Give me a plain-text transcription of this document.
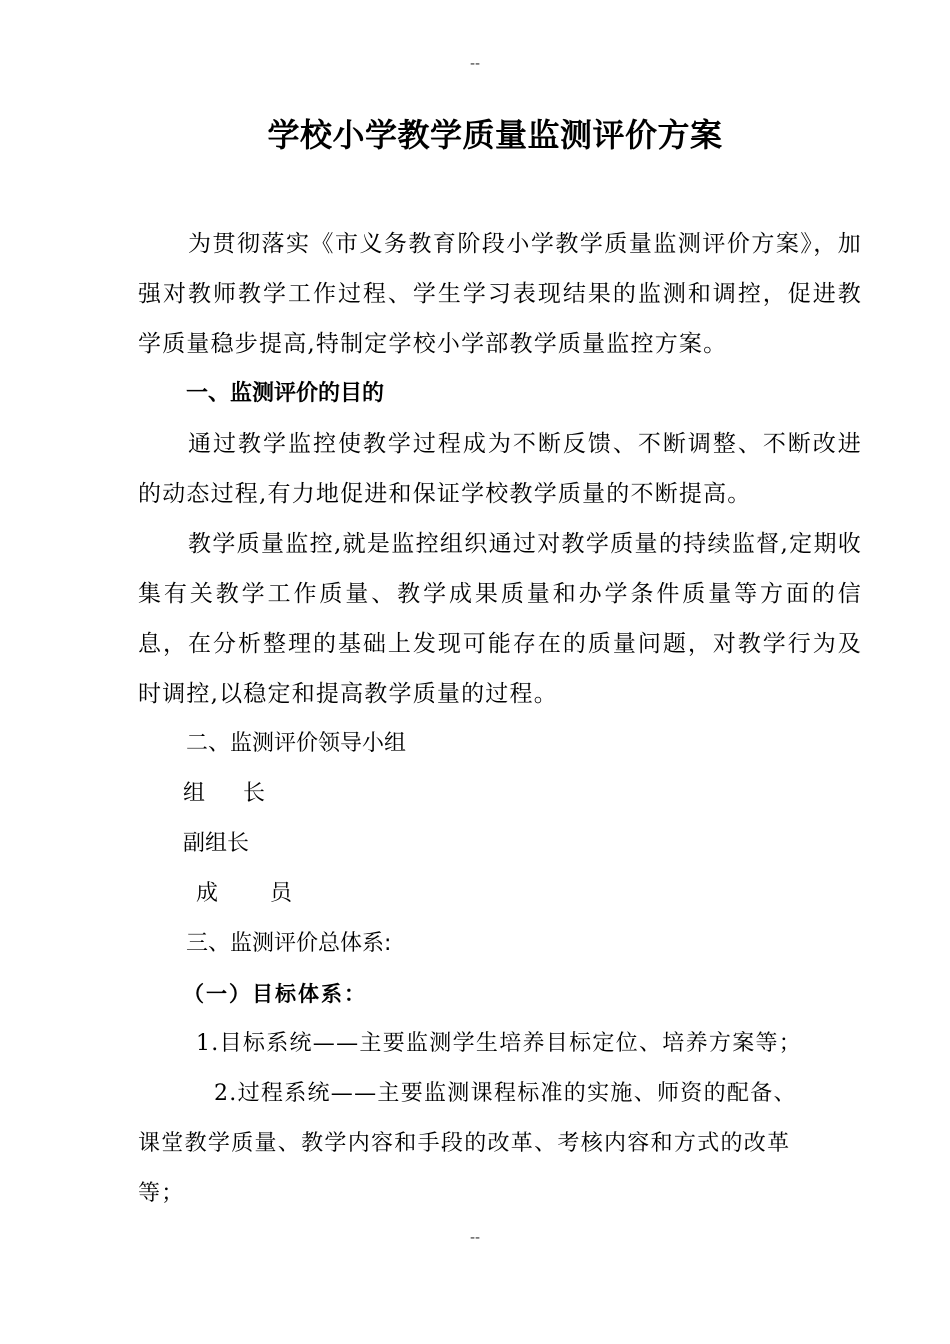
--
学校小学教学质量监测评价方案

为贯彻落实《市义务教育阶段小学教学质量监测评价方案》，加强对教师教学工作过程、学生学习表现结果的监测和调控，促进教学质量稳步提高,特制定学校小学部教学质量监控方案。

一、监测评价的目的

通过教学监控使教学过程成为不断反馈、不断调整、不断改进的动态过程,有力地促进和保证学校教学质量的不断提高。

教学质量监控,就是监控组织通过对教学质量的持续监督,定期收集有关教学工作质量、教学成果质量和办学条件质量等方面的信息，在分析整理的基础上发现可能存在的质量问题，对教学行为及时调控,以稳定和提高教学质量的过程。

二、监测评价领导小组

组长

副组长

成员

三、监测评价总体系:

（一）目标体系：

1.目标系统——主要监测学生培养目标定位、培养方案等；

2.过程系统——主要监测课程标准的实施、师资的配备、

课堂教学质量、教学内容和手段的改革、考核内容和方式的改革

等；

--
